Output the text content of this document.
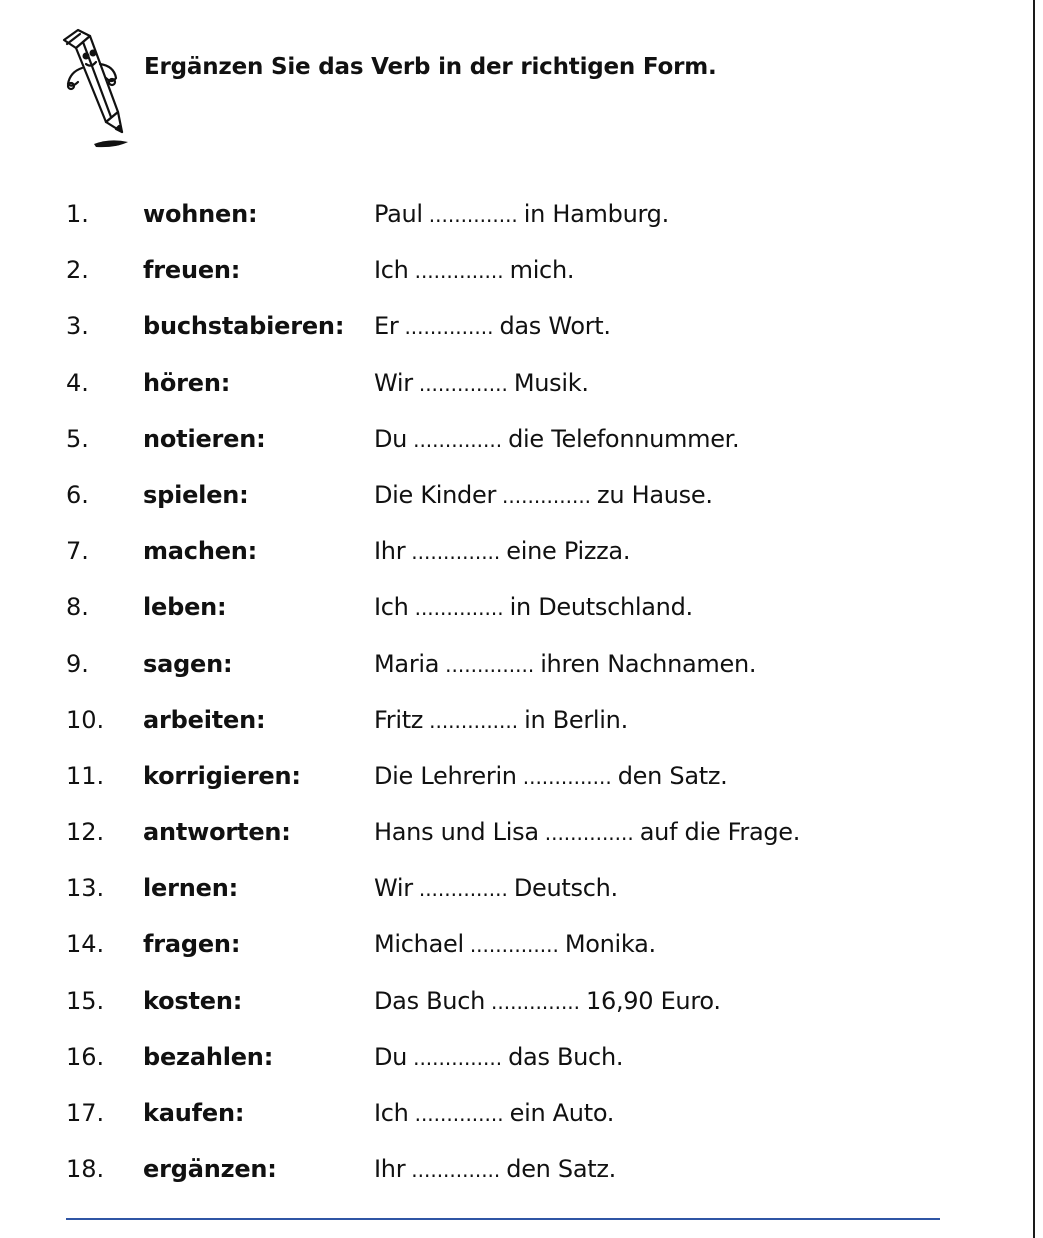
Ergänzen Sie das Verb in der richtigen Form.
1. wohnen:	Paul .............. in Hamburg.
2. freuen:	Ich .............. mich.
3. buchstabieren: Er .............. das Wort.
4. hören:	Wir .............. Musik.
5. notieren:	Du .............. die Telefonnummer.
6. spielen:	Die Kinder .............. zu Hause.
7. machen:	Ihr .............. eine Pizza.
8. leben:	Ich .............. in Deutschland.
9. sagen:	Maria .............. ihren Nachnamen.
10. arbeiten:	Fritz .............. in Berlin.
11. korrigieren:	Die Lehrerin .............. den Satz.
12. antworten:	Hans und Lisa .............. auf die Frage.
13. lernen:	Wir .............. Deutsch.
14. fragen:	Michael .............. Monika.
15. kosten:	Das Buch .............. 16,90 Euro.
16. bezahlen:	Du .............. das Buch.
17. kaufen:	Ich .............. ein Auto.
18. ergänzen:	Ihr .............. den Satz.
